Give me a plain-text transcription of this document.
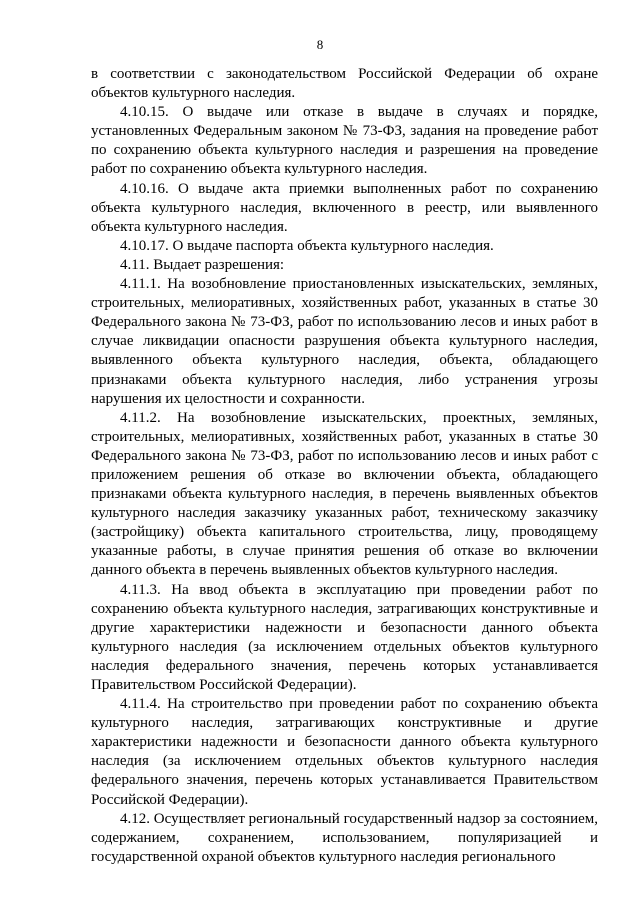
8

в соответствии с законодательством Российской Федерации об охране объектов культурного наследия.

4.10.15. О выдаче или отказе в выдаче в случаях и порядке, установленных Федеральным законом № 73-ФЗ, задания на проведение работ по сохранению объекта культурного наследия и разрешения на проведение работ по сохранению объекта культурного наследия.

4.10.16. О выдаче акта приемки выполненных работ по сохранению объекта культурного наследия, включенного в реестр, или выявленного объекта культурного наследия.

4.10.17. О выдаче паспорта объекта культурного наследия.

4.11. Выдает разрешения:

4.11.1. На возобновление приостановленных изыскательских, земляных, строительных, мелиоративных, хозяйственных работ, указанных в статье 30 Федерального закона № 73-ФЗ, работ по использованию лесов и иных работ в случае ликвидации опасности разрушения объекта культурного наследия, выявленного объекта культурного наследия, объекта, обладающего признаками объекта культурного наследия, либо устранения угрозы нарушения их целостности и сохранности.

4.11.2. На возобновление изыскательских, проектных, земляных, строительных, мелиоративных, хозяйственных работ, указанных в статье 30 Федерального закона № 73-ФЗ, работ по использованию лесов и иных работ с приложением решения об отказе во включении объекта, обладающего признаками объекта культурного наследия, в перечень выявленных объектов культурного наследия заказчику указанных работ, техническому заказчику (застройщику) объекта капитального строительства, лицу, проводящему указанные работы, в случае принятия решения об отказе во включении данного объекта в перечень выявленных объектов культурного наследия.

4.11.3. На ввод объекта в эксплуатацию при проведении работ по сохранению объекта культурного наследия, затрагивающих конструктивные и другие характеристики надежности и безопасности данного объекта культурного наследия (за исключением отдельных объектов культурного наследия федерального значения, перечень которых устанавливается Правительством Российской Федерации).

4.11.4. На строительство при проведении работ по сохранению объекта культурного наследия, затрагивающих конструктивные и другие характеристики надежности и безопасности данного объекта культурного наследия (за исключением отдельных объектов культурного наследия федерального значения, перечень которых устанавливается Правительством Российской Федерации).

4.12. Осуществляет региональный государственный надзор за состоянием, содержанием, сохранением, использованием, популяризацией и государственной охраной объектов культурного наследия регионального
